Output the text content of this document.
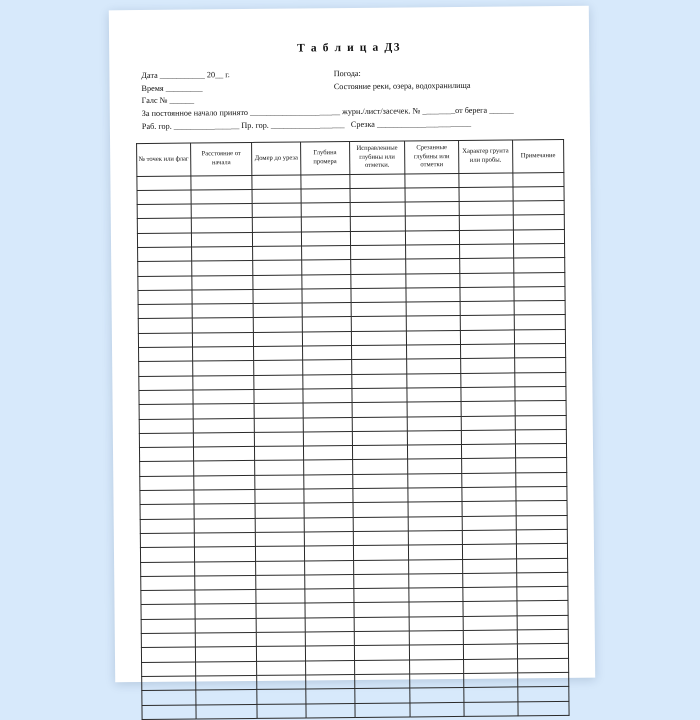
Т а б л и ц а Д3
Дата ___________ 20__ г.	Погода:
Время _________	Состояние реки, озера, водохранилища
Галс № ______
За постоянное начало принято ______________________ журн./лист/засечек. № ________от берега ______
Раб. гор. ________________ Пр. гор. __________________ Срезка _______________________
№ точек или флаг	Расстояние от начала	Домер до уреза	Глубина промера	Исправленные глубины или отметки.	Срезанные глубины или отметки	Характер грунта или пробы.	Примечание
